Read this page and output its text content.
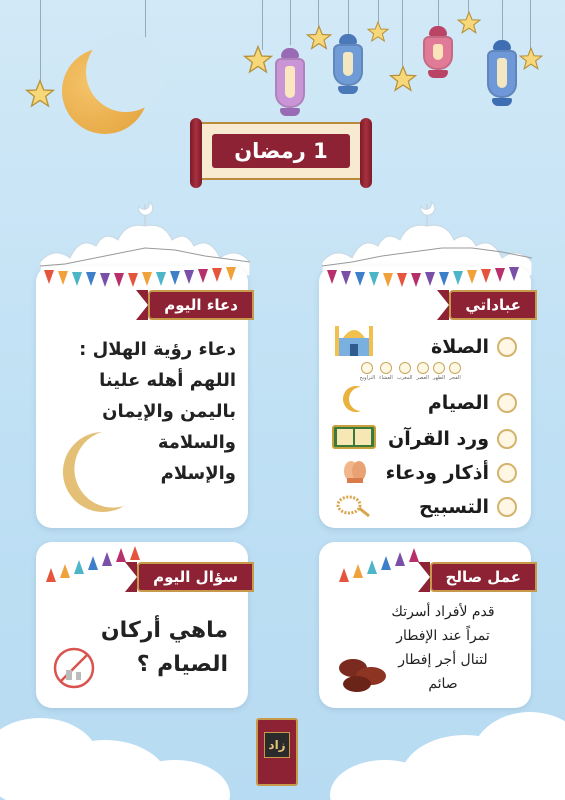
1 رمضان
عباداتي
الصلاة
الفجر
الظهر
العصر
المغرب
العشاء
التراويح
الصيام
ورد القرآن
أذكار ودعاء
التسبيح
دعاء اليوم
دعاء رؤية الهلال :
اللهم أهله علينا
باليمن والإيمان
والسلامة
والإسلام
عمل صالح
قدم لأفراد أسرتك
تمراً عند الإفطار
لتنال أجر إفطار
صائم
سؤال اليوم
ماهي أركان
الصيام ؟
زاد
